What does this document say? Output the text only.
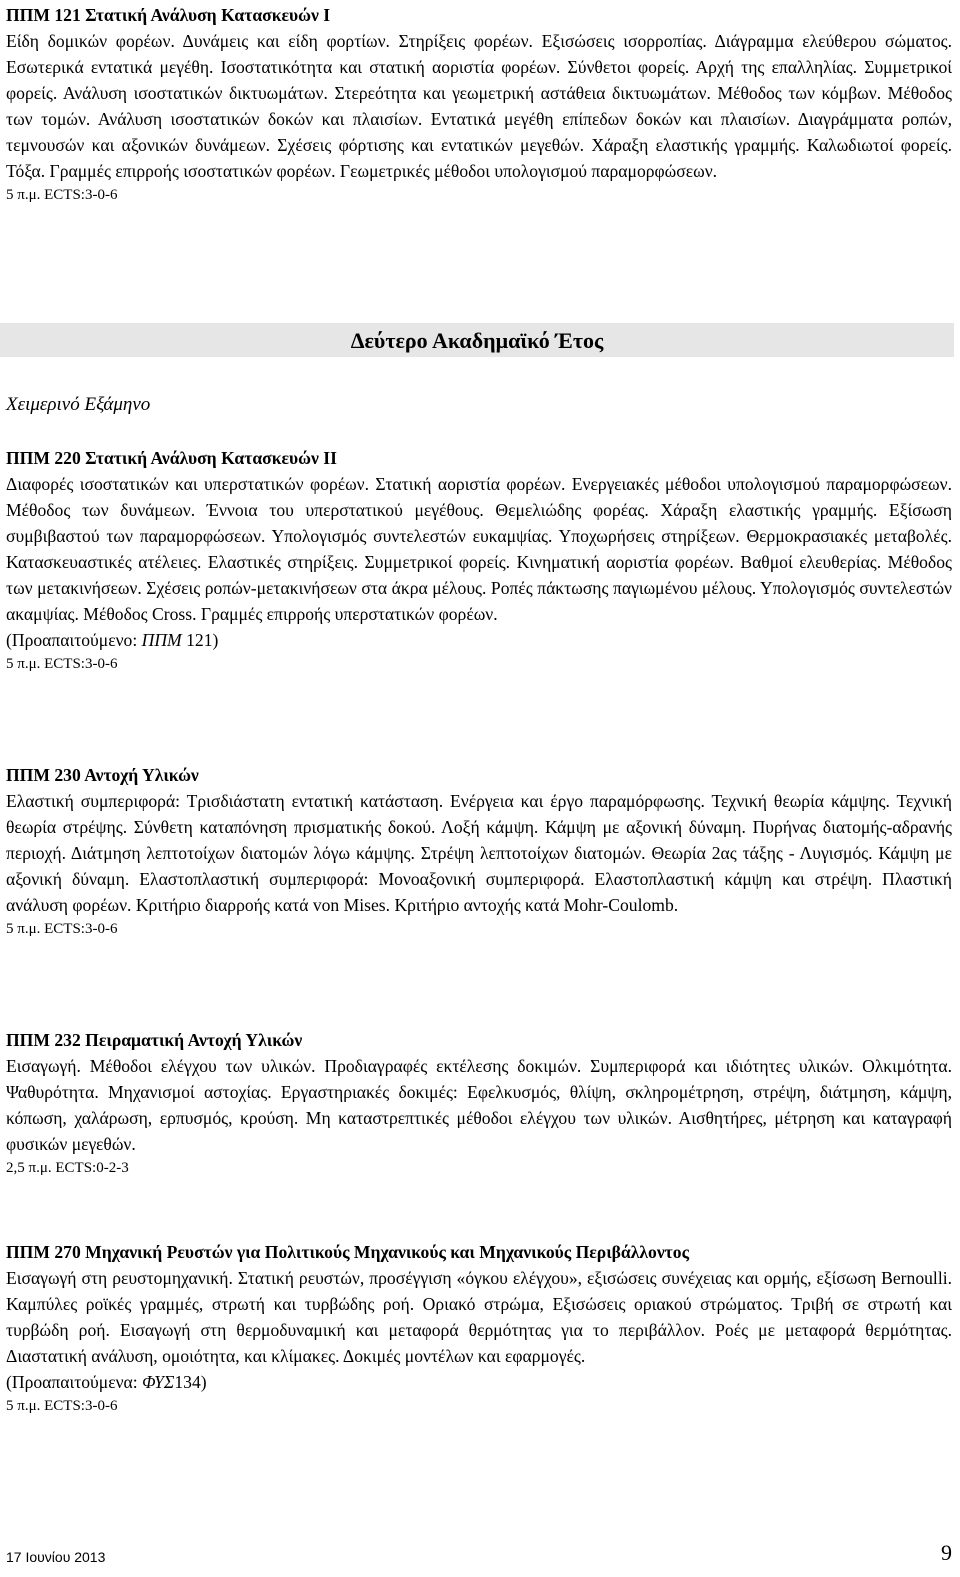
ΠΠΜ 121 Στατική Ανάλυση Κατασκευών Ι

Είδη δομικών φορέων. Δυνάμεις και είδη φορτίων. Στηρίξεις φορέων. Εξισώσεις ισορροπίας. Διάγραμμα ελεύθερου σώματος. Εσωτερικά εντατικά μεγέθη. Ισοστατικότητα και στατική αοριστία φορέων. Σύνθετοι φορείς. Αρχή της επαλληλίας. Συμμετρικοί φορείς. Ανάλυση ισοστατικών δικτυωμάτων. Στερεότητα και γεωμετρική αστάθεια δικτυωμάτων. Μέθοδος των κόμβων. Μέθοδος των τομών. Ανάλυση ισοστατικών δοκών και πλαισίων. Εντατικά μεγέθη επίπεδων δοκών και πλαισίων. Διαγράμματα ροπών, τεμνουσών και αξονικών δυνάμεων. Σχέσεις φόρτισης και εντατικών μεγεθών. Χάραξη ελαστικής γραμμής. Καλωδιωτοί φορείς. Τόξα. Γραμμές επιρροής ισοστατικών φορέων. Γεωμετρικές μέθοδοι υπολογισμού παραμορφώσεων.

5 π.μ. ECTS:3-0-6

Δεύτερο Ακαδημαϊκό Έτος
Χειμερινό Εξάμηνο

ΠΠΜ 220 Στατική Ανάλυση Κατασκευών ΙΙ

Διαφορές ισοστατικών και υπερστατικών φορέων. Στατική αοριστία φορέων. Ενεργειακές μέθοδοι υπολογισμού παραμορφώσεων. Μέθοδος των δυνάμεων. Έννοια του υπερστατικού μεγέθους. Θεμελιώδης φορέας. Χάραξη ελαστικής γραμμής. Εξίσωση συμβιβαστού των παραμορφώσεων. Υπολογισμός συντελεστών ευκαμψίας. Υποχωρήσεις στηρίξεων. Θερμοκρασιακές μεταβολές. Κατασκευαστικές ατέλειες. Ελαστικές στηρίξεις. Συμμετρικοί φορείς. Κινηματική αοριστία φορέων. Βαθμοί ελευθερίας. Μέθοδος των μετακινήσεων. Σχέσεις ροπών-μετακινήσεων στα άκρα μέλους. Ροπές πάκτωσης παγιωμένου μέλους. Υπολογισμός συντελεστών ακαμψίας. Μέθοδος Cross. Γραμμές επιρροής υπερστατικών φορέων.

(Προαπαιτούμενο: ΠΠΜ 121)

5 π.μ. ECTS:3-0-6

ΠΠΜ 230 Αντοχή Υλικών

Ελαστική συμπεριφορά: Τρισδιάστατη εντατική κατάσταση. Ενέργεια και έργο παραμόρφωσης. Τεχνική θεωρία κάμψης. Τεχνική θεωρία στρέψης. Σύνθετη καταπόνηση πρισματικής δοκού. Λοξή κάμψη. Κάμψη με αξονική δύναμη. Πυρήνας διατομής-αδρανής περιοχή. Διάτμηση λεπτοτοίχων διατομών λόγω κάμψης. Στρέψη λεπτοτοίχων διατομών. Θεωρία 2ας τάξης - Λυγισμός. Κάμψη με αξονική δύναμη. Ελαστοπλαστική συμπεριφορά: Μονοαξονική συμπεριφορά. Ελαστοπλαστική κάμψη και στρέψη. Πλαστική ανάλυση φορέων. Κριτήριο διαρροής κατά von Mises. Κριτήριο αντοχής κατά Mohr-Coulomb.

5 π.μ. ECTS:3-0-6

ΠΠΜ 232 Πειραματική Αντοχή Υλικών

Εισαγωγή. Μέθοδοι ελέγχου των υλικών. Προδιαγραφές εκτέλεσης δοκιμών. Συμπεριφορά και ιδιότητες υλικών. Ολκιμότητα. Ψαθυρότητα. Μηχανισμοί αστοχίας. Εργαστηριακές δοκιμές: Εφελκυσμός, θλίψη, σκληρομέτρηση, στρέψη, διάτμηση, κάμψη, κόπωση, χαλάρωση, ερπυσμός, κρούση. Μη καταστρεπτικές μέθοδοι ελέγχου των υλικών. Αισθητήρες, μέτρηση και καταγραφή φυσικών μεγεθών.

2,5 π.μ. ECTS:0-2-3

ΠΠΜ 270 Μηχανική Ρευστών για Πολιτικούς Μηχανικούς και Μηχανικούς Περιβάλλοντος

Εισαγωγή στη ρευστομηχανική. Στατική ρευστών, προσέγγιση «όγκου ελέγχου», εξισώσεις συνέχειας και ορμής, εξίσωση Bernoulli. Καμπύλες ροϊκές γραμμές, στρωτή και τυρβώδης ροή. Οριακό στρώμα, Εξισώσεις οριακού στρώματος. Τριβή σε στρωτή και τυρβώδη ροή. Εισαγωγή στη θερμοδυναμική και μεταφορά θερμότητας για το περιβάλλον. Ροές με μεταφορά θερμότητας. Διαστατική ανάλυση, ομοιότητα, και κλίμακες. Δοκιμές μοντέλων και εφαρμογές.

(Προαπαιτούμενα: ΦΥΣ134)

5 π.μ. ECTS:3-0-6

17 Ιουνίου 2013	9
